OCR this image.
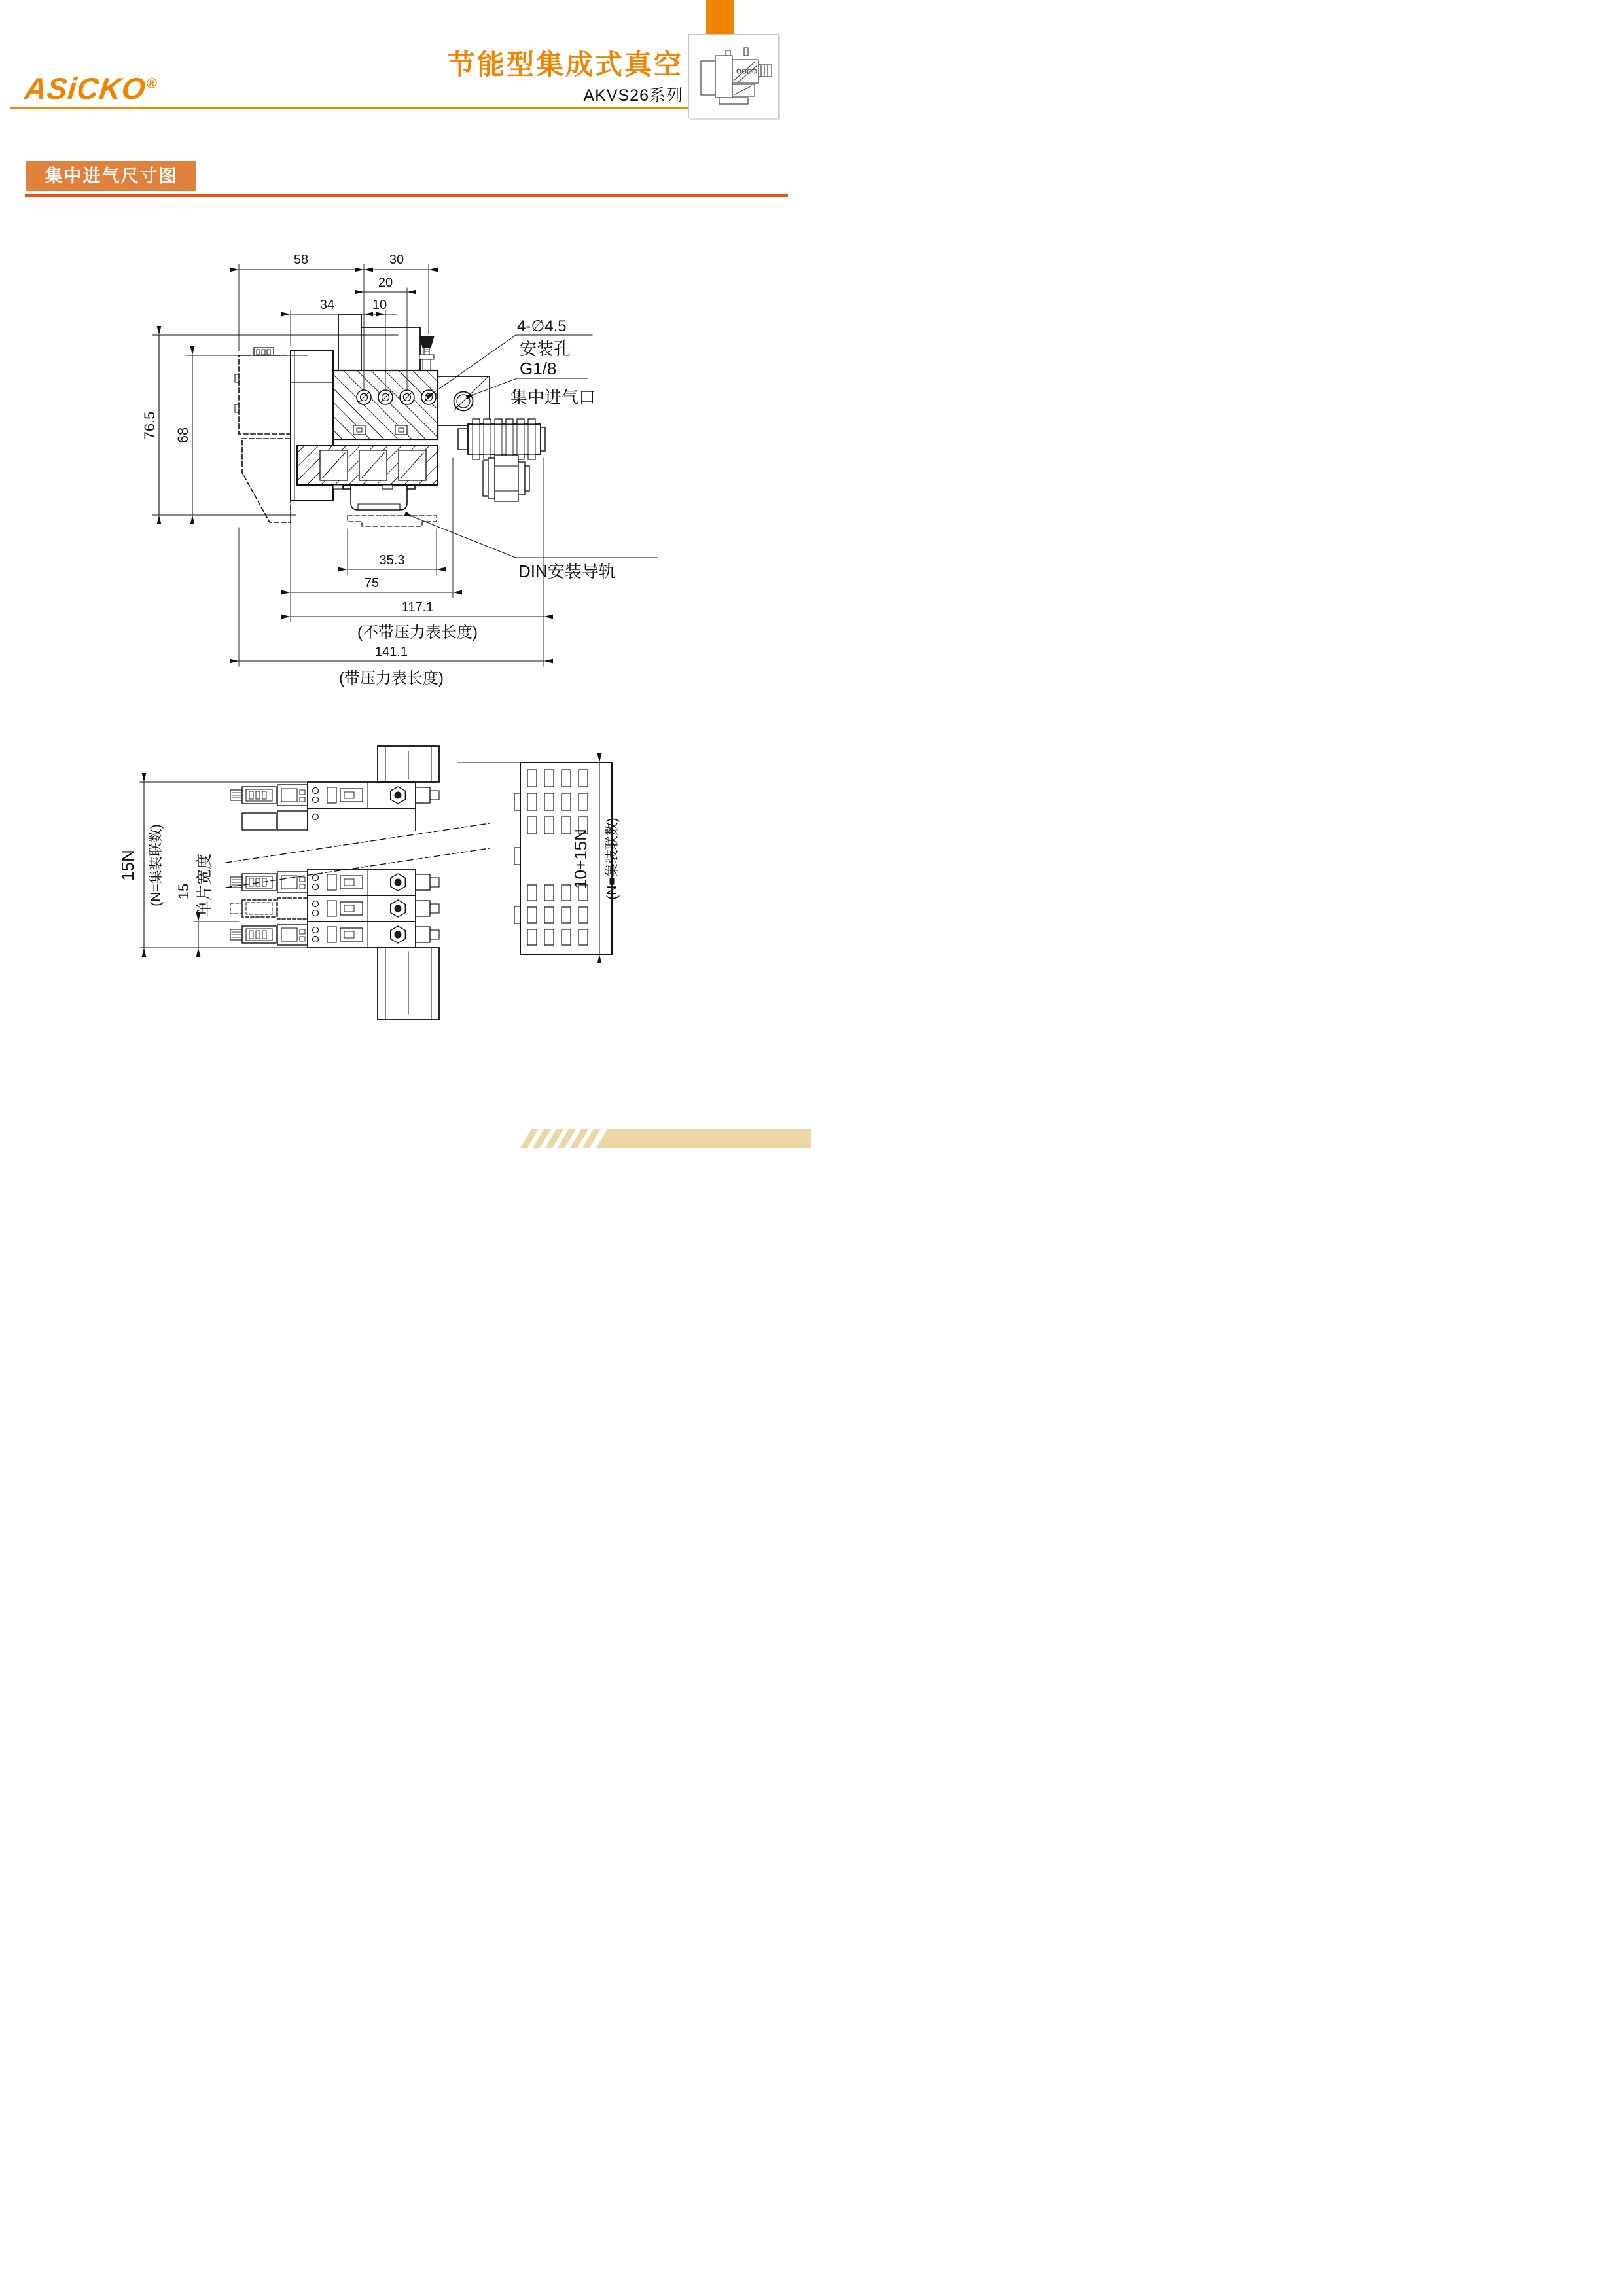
ASiCKO®
节能型集成式真空
AKVS26系列
集中进气尺寸图
58	30
20
34	10
76.5 68
35.3
75
117.1
(不带压力表长度)
141.1
(带压力表长度)
4-∅4.5
安装孔
G1/8
集中进气口
DIN安装导轨
15N (N=集装联数) 15 单片宽度	10+15N (N=集装联数)
